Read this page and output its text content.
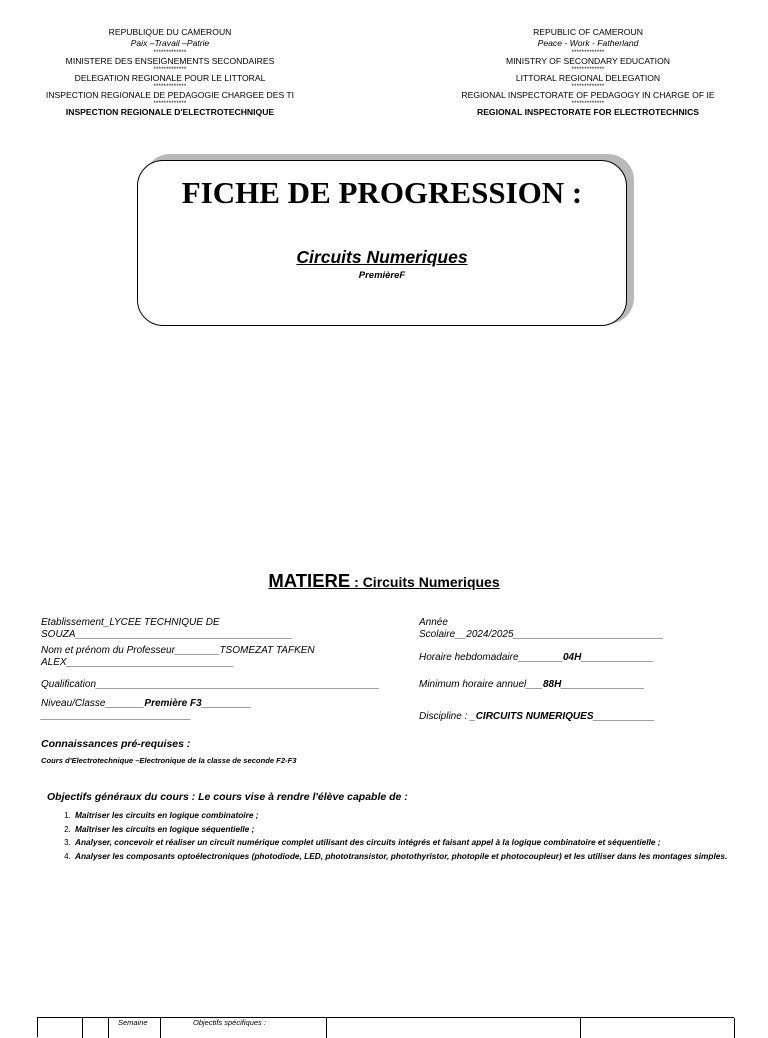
REPUBLIQUE DU CAMEROUN
Paix –Travail –Patrie
*************
MINISTERE DES ENSEIGNEMENTS SECONDAIRES
*************
DELEGATION REGIONALE POUR LE LITTORAL
*************
INSPECTION REGIONALE DE PEDAGOGIE CHARGEE DES TI
*************
INSPECTION REGIONALE D'ELECTROTECHNIQUE
REPUBLIC OF CAMEROUN
Peace - Work - Fatherland
*************
MINISTRY OF SECONDARY EDUCATION
*************
LITTORAL REGIONAL DELEGATION
*************
REGIONAL INSPECTORATE OF PEDAGOGY IN CHARGE OF IE
*************
REGIONAL INSPECTORATE FOR ELECTROTECHNICS
FICHE DE PROGRESSION :
Circuits Numeriques
PremièreF
MATIERE : Circuits Numeriques
Etablissement_LYCEE TECHNIQUE DE
SOUZA_______________________________________
Nom et prénom du Professeur________TSOMEZAT TAFKEN
ALEX______________________________
Qualification___________________________________________________
Niveau/Classe_______Première F3_________
___________________________
Année
Scolaire__2024/2025___________________________
Horaire hebdomadaire________04H_____________
Minimum horaire annuel___88H_______________
Discipline : _CIRCUITS NUMERIQUES___________
Connaissances pré-requises :
Cours d'Electrotechnique –Electronique de la classe de seconde F2-F3
Objectifs généraux du cours : Le cours vise à rendre l'élève capable de :
1. Maitriser les circuits en logique combinatoire ;
2. Maîtriser les circuits en logique séquentielle ;
3. Analyser, concevoir et réaliser un circuit numérique complet utilisant des circuits intégrés et faisant appel à la logique combinatoire et séquentielle ;
4. Analyser les composants optoélectroniques (photodiode, LED, phototransistor, photothyristor, photopile et photocoupleur) et les utiliser dans les montages simples.
Semaine	Objectifs spécifiques :
